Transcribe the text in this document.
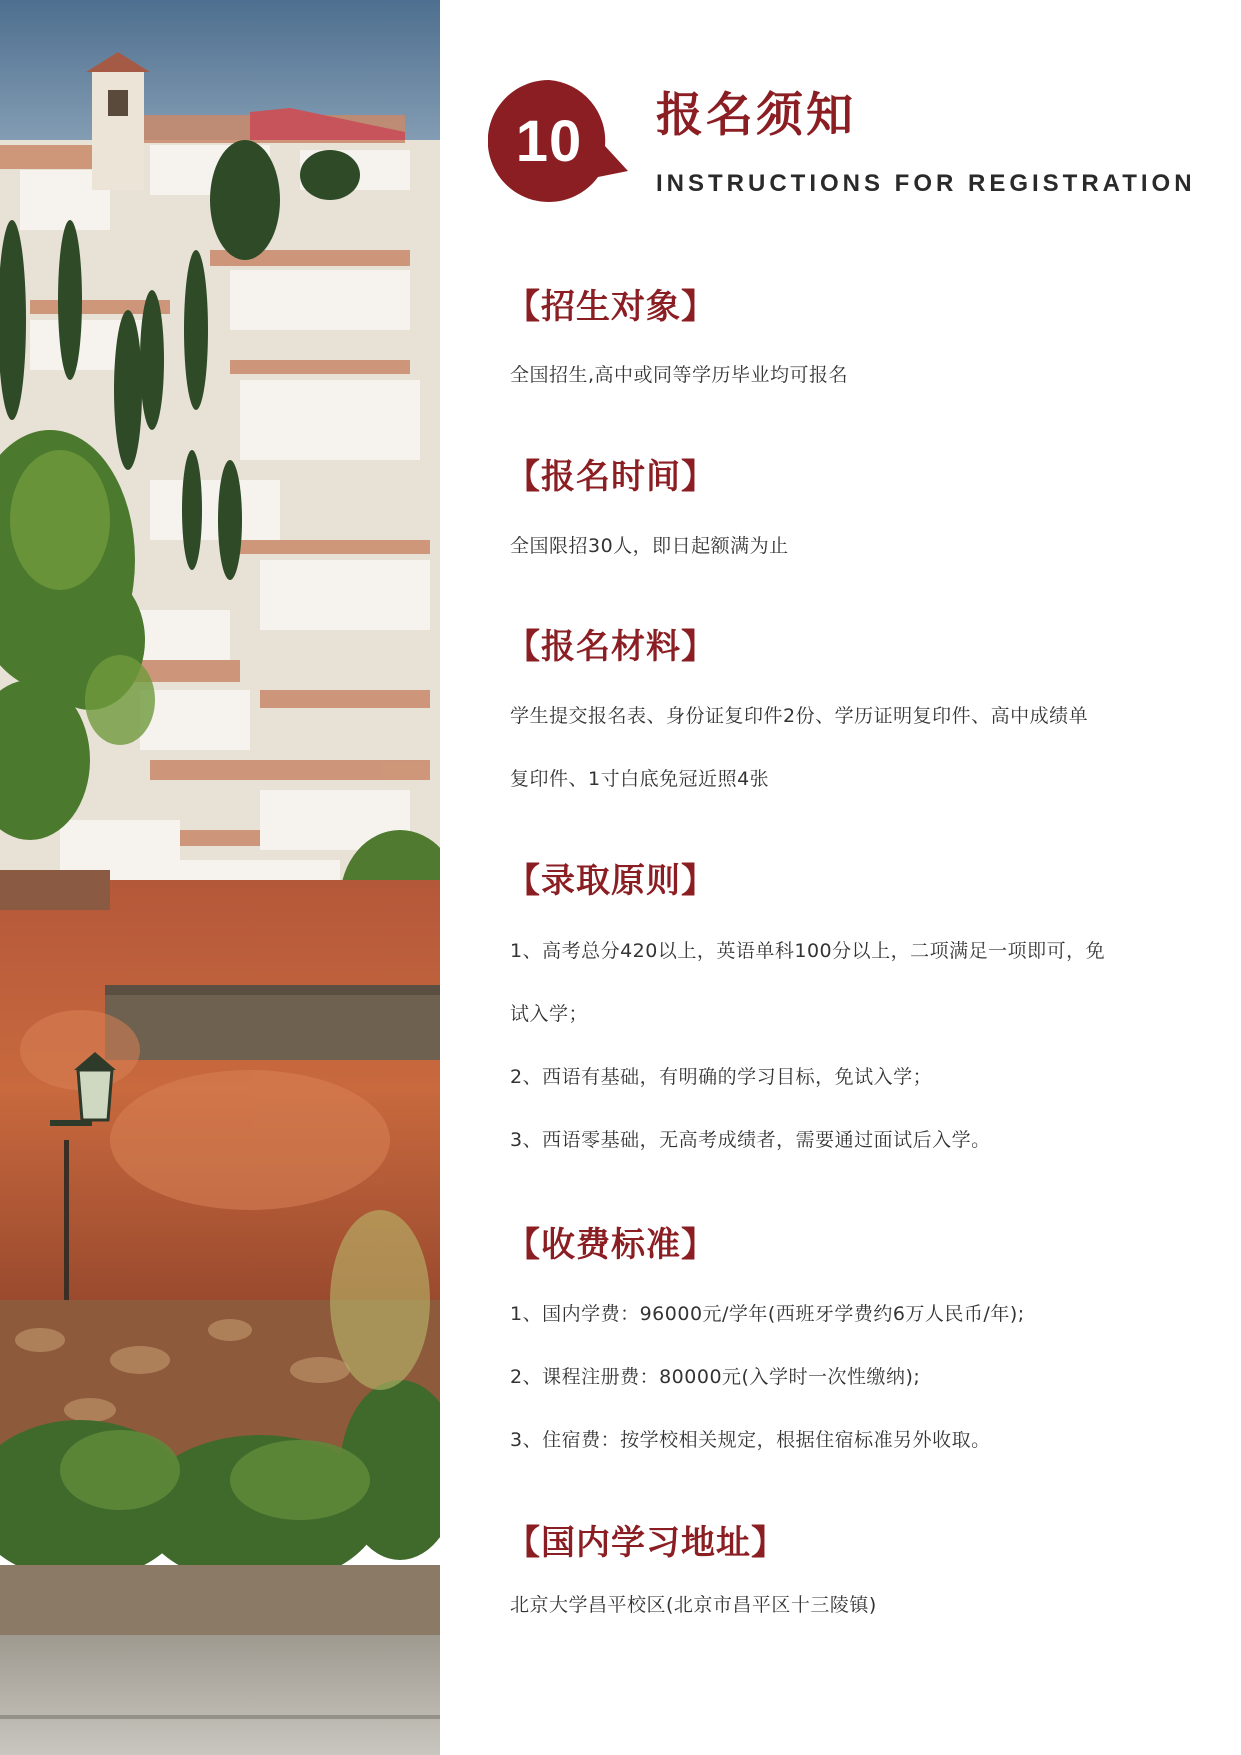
10	报名须知
INSTRUCTIONS FOR REGISTRATION
【招生对象】
全国招生,高中或同等学历毕业均可报名
【报名时间】
全国限招30人，即日起额满为止
【报名材料】
学生提交报名表、身份证复印件2份、学历证明复印件、高中成绩单
复印件、1寸白底免冠近照4张
【录取原则】
1、高考总分420以上，英语单科100分以上，二项满足一项即可，免
试入学；
2、西语有基础，有明确的学习目标，免试入学；
3、西语零基础，无高考成绩者，需要通过面试后入学。
【收费标准】
1、国内学费：96000元/学年(西班牙学费约6万人民币/年);
2、课程注册费：80000元(入学时一次性缴纳);
3、住宿费：按学校相关规定，根据住宿标准另外收取。
【国内学习地址】
北京大学昌平校区(北京市昌平区十三陵镇)
